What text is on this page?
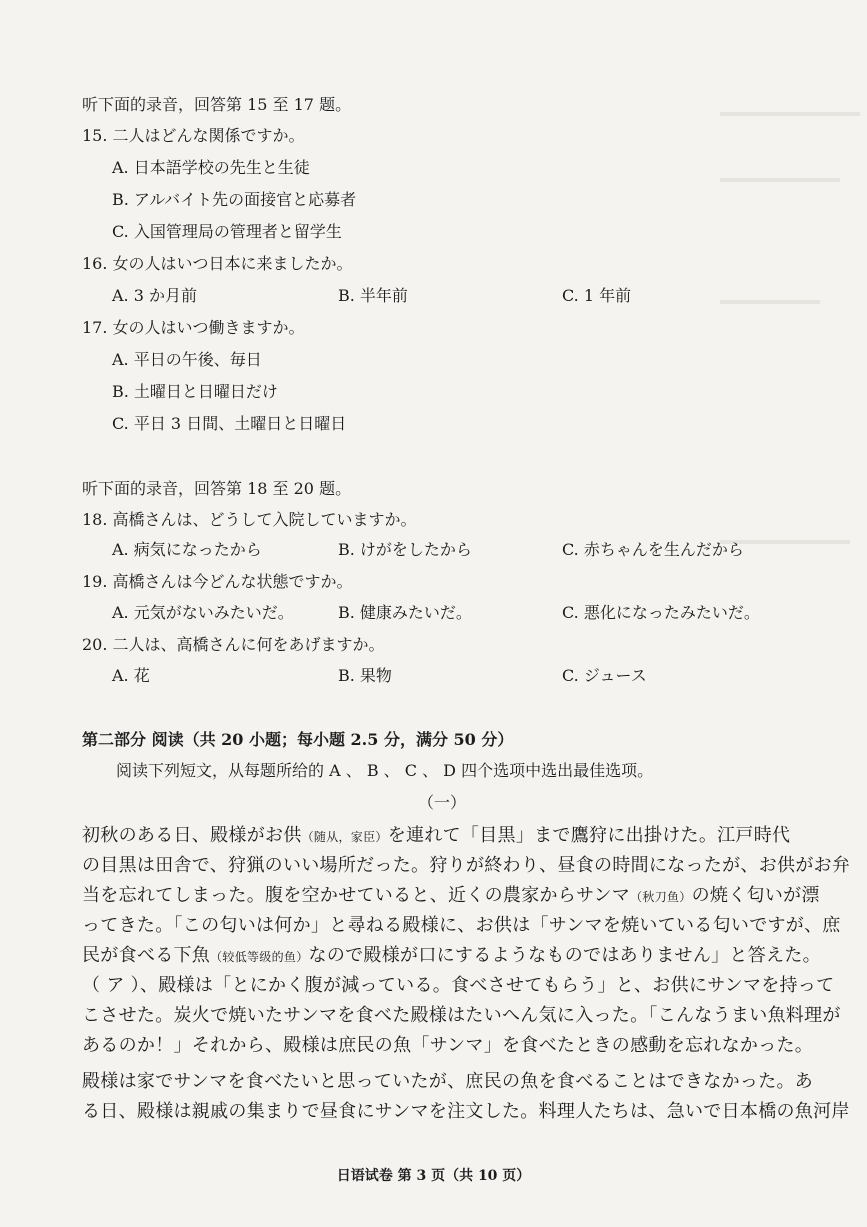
听下面的录音，回答第 15 至 17 题。
15. 二人はどんな関係ですか。
A. 日本語学校の先生と生徒
B. アルバイト先の面接官と応募者
C. 入国管理局の管理者と留学生
16. 女の人はいつ日本に来ましたか。
A. 3 か月前	B. 半年前	C. 1 年前
17. 女の人はいつ働きますか。
A. 平日の午後、毎日
B. 土曜日と日曜日だけ
C. 平日 3 日間、土曜日と日曜日
听下面的录音，回答第 18 至 20 题。
18. 高橋さんは、どうして入院していますか。
A. 病気になったから	B. けがをしたから	C. 赤ちゃんを生んだから
19. 高橋さんは今どんな状態ですか。
A. 元気がないみたいだ。	B. 健康みたいだ。	C. 悪化になったみたいだ。
20. 二人は、高橋さんに何をあげますか。
A. 花	B. 果物	C. ジュース
第二部分 阅读（共 20 小题；每小题 2.5 分，满分 50 分）
阅读下列短文，从每题所给的 A 、 B 、 C 、 D 四个选项中选出最佳选项。
（一）
初秋のある日、殿様がお供（随从，家臣）を連れて「目黒」まで鷹狩に出掛けた。江戸時代
の目黒は田舎で、狩猟のいい場所だった。狩りが終わり、昼食の時間になったが、お供がお弁
当を忘れてしまった。腹を空かせていると、近くの農家からサンマ（秋刀鱼）の焼く匂いが漂
ってきた。「この匂いは何か」と尋ねる殿様に、お供は「サンマを焼いている匂いですが、庶
民が食べる下魚（较低等级的鱼）なので殿様が口にするようなものではありません」と答えた。
（ ア ）、殿様は「とにかく腹が減っている。食べさせてもらう」と、お供にサンマを持って
こさせた。炭火で焼いたサンマを食べた殿様はたいへん気に入った。「こんなうまい魚料理が
あるのか！」それから、殿様は庶民の魚「サンマ」を食べたときの感動を忘れなかった。
殿様は家でサンマを食べたいと思っていたが、庶民の魚を食べることはできなかった。あ
る日、殿様は親戚の集まりで昼食にサンマを注文した。料理人たちは、急いで日本橋の魚河岸
日语试卷 第 3 页（共 10 页）
